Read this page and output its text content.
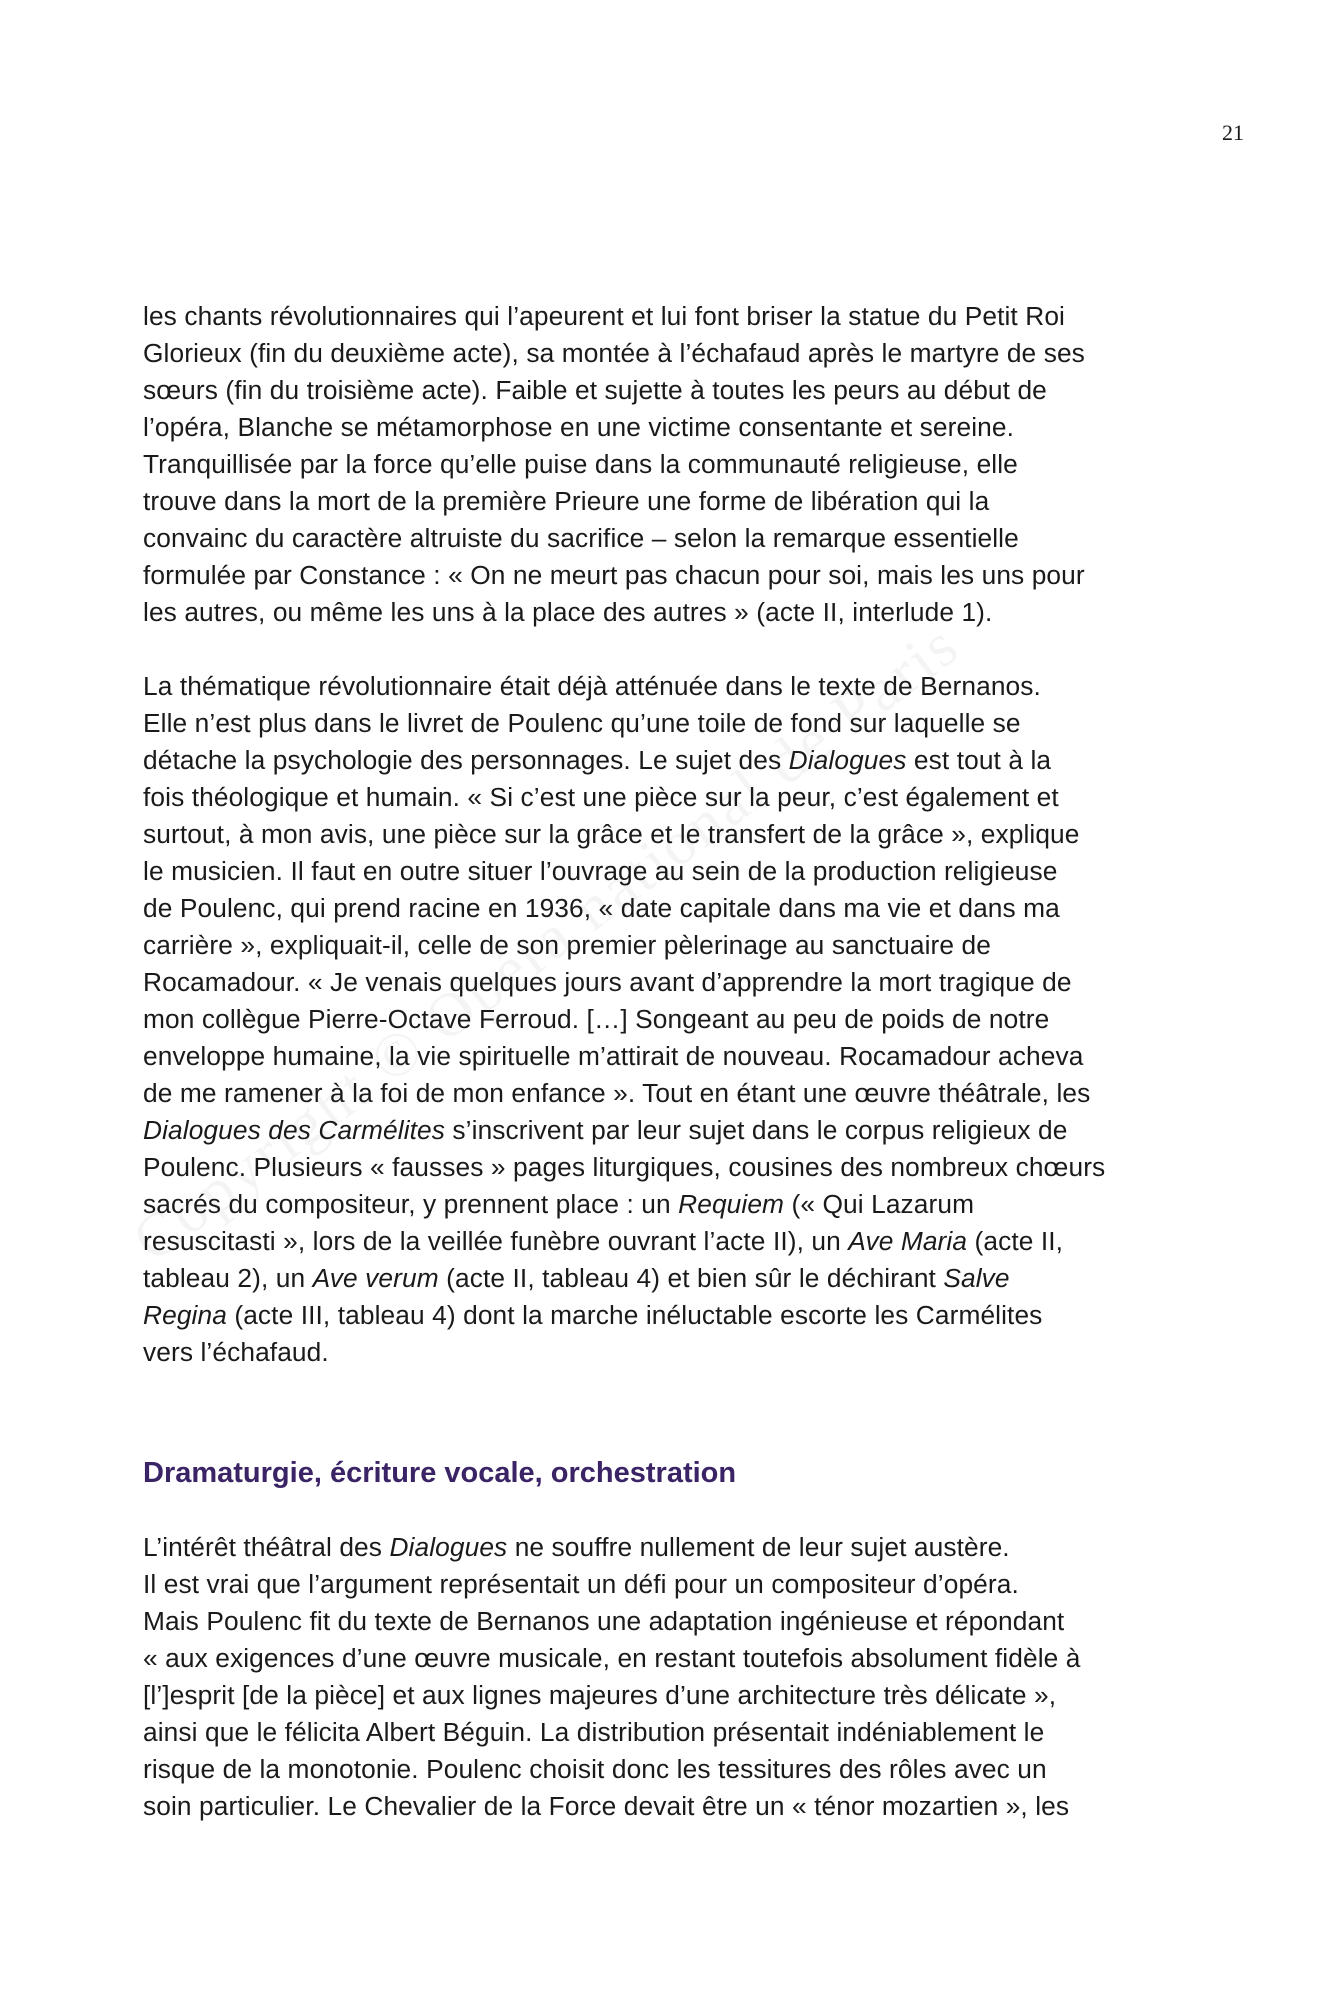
21

les chants révolutionnaires qui l’apeurent et lui font briser la statue du Petit Roi
Glorieux (fin du deuxième acte), sa montée à l’échafaud après le martyre de ses
sœurs (fin du troisième acte). Faible et sujette à toutes les peurs au début de
l’opéra, Blanche se métamorphose en une victime consentante et sereine.
Tranquillisée par la force qu’elle puise dans la communauté religieuse, elle
trouve dans la mort de la première Prieure une forme de libération qui la
convainc du caractère altruiste du sacrifice – selon la remarque essentielle
formulée par Constance : « On ne meurt pas chacun pour soi, mais les uns pour
les autres, ou même les uns à la place des autres » (acte II, interlude 1).

La thématique révolutionnaire était déjà atténuée dans le texte de Bernanos.
Elle n’est plus dans le livret de Poulenc qu’une toile de fond sur laquelle se
détache la psychologie des personnages. Le sujet des Dialogues est tout à la
fois théologique et humain. « Si c’est une pièce sur la peur, c’est également et
surtout, à mon avis, une pièce sur la grâce et le transfert de la grâce », explique
le musicien. Il faut en outre situer l’ouvrage au sein de la production religieuse
de Poulenc, qui prend racine en 1936, « date capitale dans ma vie et dans ma
carrière », expliquait-il, celle de son premier pèlerinage au sanctuaire de
Rocamadour. « Je venais quelques jours avant d’apprendre la mort tragique de
mon collègue Pierre-Octave Ferroud. […] Songeant au peu de poids de notre
enveloppe humaine, la vie spirituelle m’attirait de nouveau. Rocamadour acheva
de me ramener à la foi de mon enfance ». Tout en étant une œuvre théâtrale, les
Dialogues des Carmélites s’inscrivent par leur sujet dans le corpus religieux de
Poulenc. Plusieurs « fausses » pages liturgiques, cousines des nombreux chœurs
sacrés du compositeur, y prennent place : un Requiem (« Qui Lazarum
resuscitasti », lors de la veillée funèbre ouvrant l’acte II), un Ave Maria (acte II,
tableau 2), un Ave verum (acte II, tableau 4) et bien sûr le déchirant Salve
Regina (acte III, tableau 4) dont la marche inéluctable escorte les Carmélites
vers l’échafaud.

Dramaturgie, écriture vocale, orchestration

L’intérêt théâtral des Dialogues ne souffre nullement de leur sujet austère.
Il est vrai que l’argument représentait un défi pour un compositeur d’opéra.
Mais Poulenc fit du texte de Bernanos une adaptation ingénieuse et répondant
« aux exigences d’une œuvre musicale, en restant toutefois absolument fidèle à
[l’]esprit [de la pièce] et aux lignes majeures d’une architecture très délicate »,
ainsi que le félicita Albert Béguin. La distribution présentait indéniablement le
risque de la monotonie. Poulenc choisit donc les tessitures des rôles avec un
soin particulier. Le Chevalier de la Force devait être un « ténor mozartien », les
